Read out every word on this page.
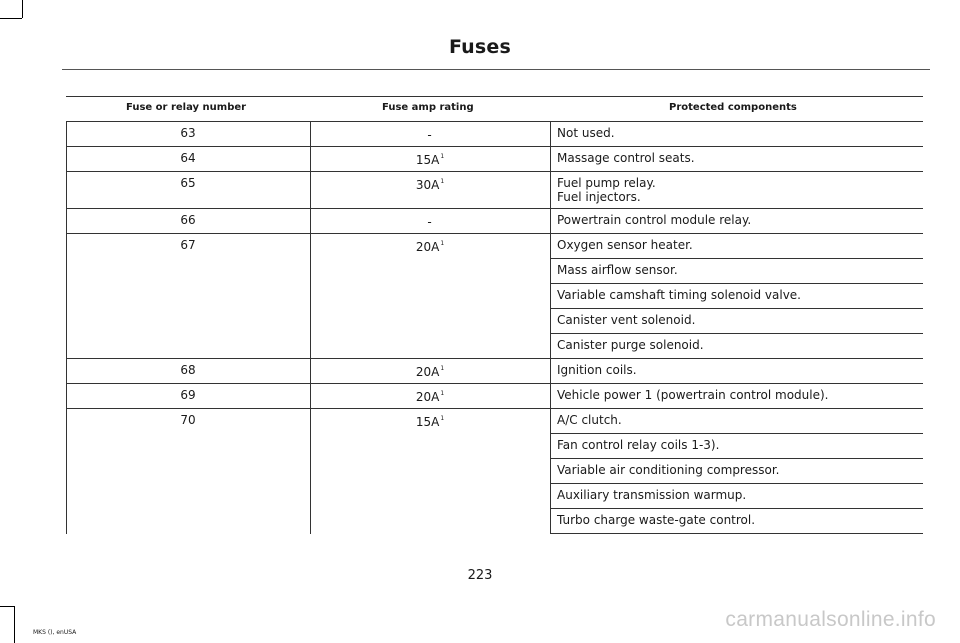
Fuses
Fuse or relay number	Fuse amp rating	Protected components
63	-	Not used.
64	$15A^1$	Massage control seats.
65	$30A^1$	Fuel pump relay.
Fuel injectors.
66	-	Powertrain control module relay.
67	$20A^1$	Oxygen sensor heater.
Mass airflow sensor.
Variable camshaft timing solenoid valve.
Canister vent solenoid.
Canister purge solenoid.
68	$20A^1$	Ignition coils.
69	$20A^1$	Vehicle power 1 (powertrain control module).
70	$15A^1$	A/C clutch.
Fan control relay coils 1-3).
Variable air conditioning compressor.
Auxiliary transmission warmup.
Turbo charge waste-gate control.
223
MKS (), enUSA
carmanualsonline.info
